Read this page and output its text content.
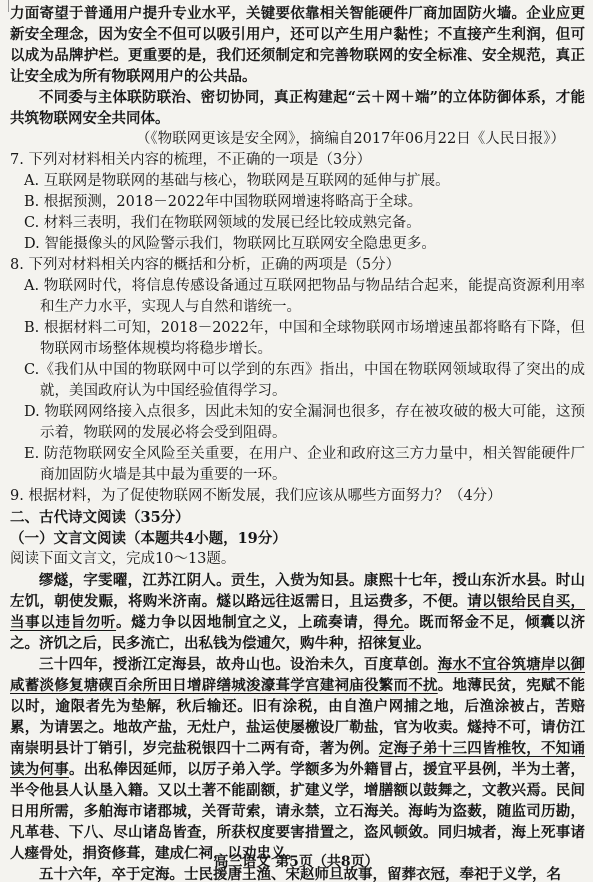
力面寄望于普通用户提升专业水平，关键要依靠相关智能硬件厂商加固防火墙。企业应更新安全理念，因为安全不但可以吸引用户，还可以产生用户黏性；不直接产生利润，但可以成为品牌护栏。更重要的是，我们还须制定和完善物联网的安全标准、安全规范，真正让安全成为所有物联网用户的公共品。

不同委与主体联防联治、密切协同，真正构建起“云＋网＋端”的立体防御体系，才能共筑物联网安全共同体。

（《物联网更该是安全网》，摘编自2017年06月22日《人民日报》）

7. 下列对材料相关内容的梳理，不正确的一项是（3分）

A. 互联网是物联网的基础与核心，物联网是互联网的延伸与扩展。

B. 根据预测，2018－2022年中国物联网增速将略高于全球。

C. 材料三表明，我们在物联网领域的发展已经比较成熟完备。

D. 智能摄像头的风险警示我们，物联网比互联网安全隐患更多。

8. 下列对材料相关内容的概括和分析，正确的两项是（5分）

A. 物联网时代，将信息传感设备通过互联网把物品与物品结合起来，能提高资源利用率和生产力水平，实现人与自然和谐统一。

B. 根据材料二可知，2018－2022年，中国和全球物联网市场增速虽都将略有下降，但物联网市场整体规模均将稳步增长。

C.《我们从中国的物联网中可以学到的东西》指出，中国在物联网领域取得了突出的成就，美国政府认为中国经验值得学习。

D. 物联网网络接入点很多，因此未知的安全漏洞也很多，存在被攻破的极大可能，这预示着，物联网的发展必将会受到阻碍。

E. 防范物联网安全风险至关重要，在用户、企业和政府这三方力量中，相关智能硬件厂商加固防火墙是其中最为重要的一环。

9. 根据材料，为了促使物联网不断发展，我们应该从哪些方面努力？（4分）

二、古代诗文阅读（35分）

（一）文言文阅读（本题共4小题，19分）

阅读下面文言文，完成10～13题。

缪燧，字雯曜，江苏江阴人。贡生，入赀为知县。康熙十七年，授山东沂水县。时山左饥，朝使发赈，将购米济南。燧以路远往返需日，且运费多，不便。请以银给民自买，当事以违旨勿听。燧力争以因地制宜之义，上疏奏请，得允。既而帑金不足，倾囊以济之。济饥之后，民多流亡，出私钱为偿逋欠，购牛种，招徕复业。

三十四年，授浙江定海县，故舟山也。设治未久，百度草创。海水不宜谷筑塘岸以御咸蓄淡修复塘碶百余所田日增辟缮城浚濠葺学宫建祠庙役繁而不扰。地薄民贫，宪赋不能以时，逾限者先为垫解，秋后输还。旧有涂税，由自渔户网捕之地，后渔涂被占，苦赔累，为请罢之。地故产盐，无灶户，盐运使屡檄设厂勒盐，官为收卖。燧持不可，请仿江南崇明县计丁销引，岁完盐税银四十二两有奇，著为例。定海子弟十三四皆椎牧，不知诵读为何事。出私俸因延师，以厉子弟入学。学额多为外籍冒占，援宜平县例，半为土著，半令他县人认垦入籍。又以土著不能副额，扩建义学，增膳额以鼓舞之，文教兴焉。民间日用所需，多舶海市诸郡城，关胥苛索，请永禁，立石海关。海屿为盗薮，随监司历勘，凡革巷、下八、尽山诸岛皆查，所获权度要害措置之，盗风顿敛。同归城者，海上死事诸人瘗骨处，捐资修葺，建成仁祠，以劝忠义。

五十六年，卒于定海。士民援唐王渔、宋赵师旦故事，留葬衣冠，奉祀于义学，名

高三语文 第5页（共8页）
